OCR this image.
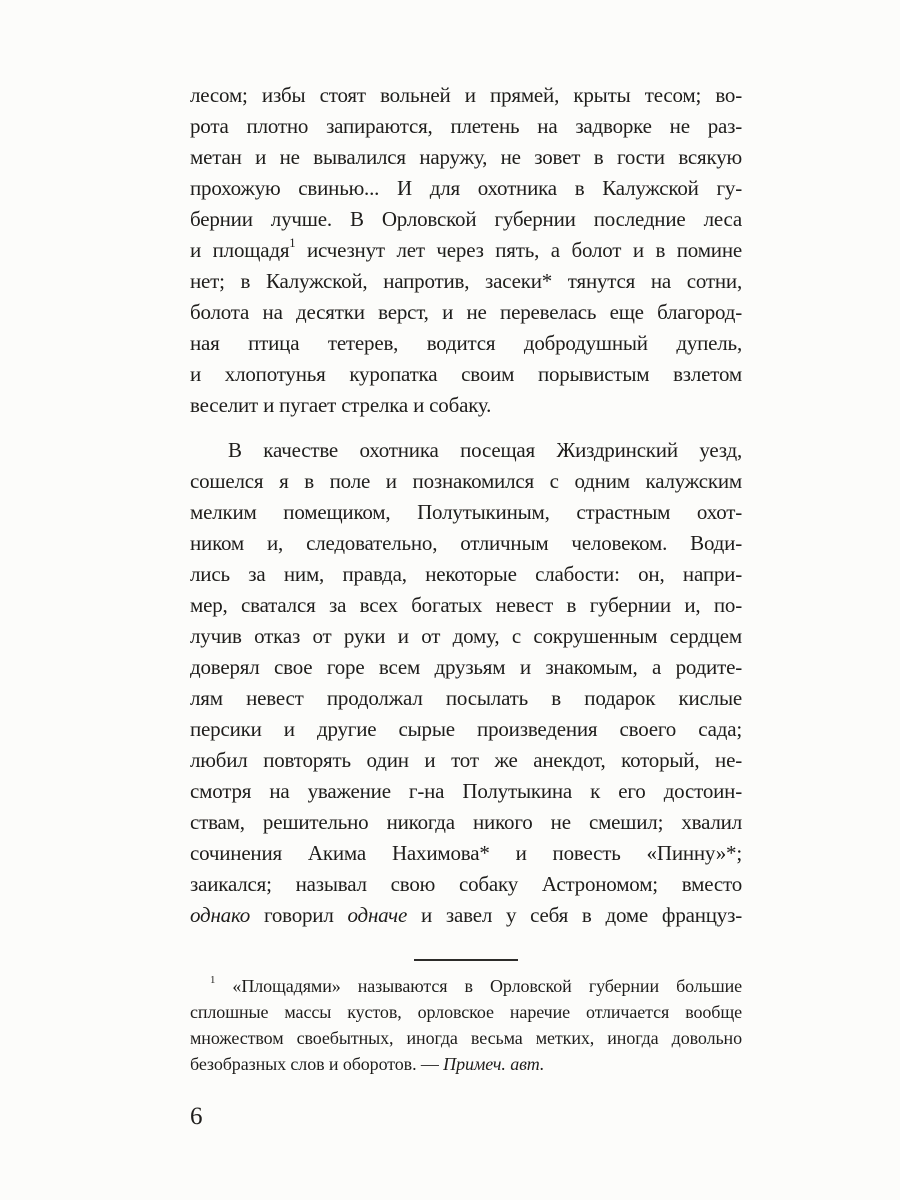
лесом; избы стоят вольней и прямей, крыты тесом; во-
рота плотно запираются, плетень на задворке не раз-
метан и не вывалился наружу, не зовет в гости всякую
прохожую свинью... И для охотника в Калужской гу-
бернии лучше. В Орловской губернии последние леса
и площадя$^1$ исчезнут лет через пять, а болот и в помине
нет; в Калужской, напротив, засеки* тянутся на сотни,
болота на десятки верст, и не перевелась еще благород-
ная птица тетерев, водится добродушный дупель,
и хлопотунья куропатка своим порывистым взлетом
веселит и пугает стрелка и собаку.
В качестве охотника посещая Жиздринский уезд,
сошелся я в поле и познакомился с одним калужским
мелким помещиком, Полутыкиным, страстным охот-
ником и, следовательно, отличным человеком. Води-
лись за ним, правда, некоторые слабости: он, напри-
мер, сватался за всех богатых невест в губернии и, по-
лучив отказ от руки и от дому, с сокрушенным сердцем
доверял свое горе всем друзьям и знакомым, а родите-
лям невест продолжал посылать в подарок кислые
персики и другие сырые произведения своего сада;
любил повторять один и тот же анекдот, который, не-
смотря на уважение г-на Полутыкина к его достоин-
ствам, решительно никогда никого не смешил; хвалил
сочинения Акима Нахимова* и повесть «Пинну»*;
заикался; называл свою собаку Астрономом; вместо
однако говорил одначе и завел у себя в доме француз-
$^1$ «Площадями» называются в Орловской губернии большие
сплошные массы кустов, орловское наречие отличается вообще
множеством своебытных, иногда весьма метких, иногда довольно
безобразных слов и оборотов. — Примеч. авт.
6
